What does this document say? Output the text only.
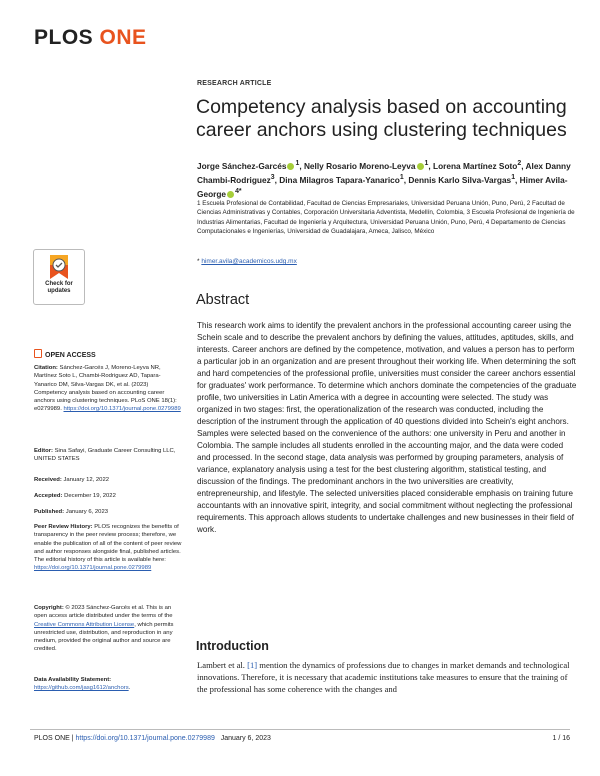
PLOS ONE
RESEARCH ARTICLE
Competency analysis based on accounting career anchors using clustering techniques
Jorge Sánchez-Garcés $^1$, Nelly Rosario Moreno-Leyva $^1$, Lorena Martínez Soto$^2$, Alex Danny Chambi-Rodriguez$^3$, Dina Milagros Tapara-Yanarico$^1$, Dennis Karlo Silva-Vargas$^1$, Himer Avila-George $^{4*}$
1 Escuela Profesional de Contabilidad, Facultad de Ciencias Empresariales, Universidad Peruana Unión, Puno, Perú, 2 Facultad de Ciencias Administrativas y Contables, Corporación Universitaria Adventista, Medellín, Colombia, 3 Escuela Profesional de Ingeniería de Industrias Alimentarias, Facultad de Ingeniería y Arquitectura, Universidad Peruana Unión, Puno, Perú, 4 Departamento de Ciencias Computacionales e Ingenierías, Universidad de Guadalajara, Ameca, Jalisco, México
* himer.avila@academicos.udg.mx
Abstract
This research work aims to identify the prevalent anchors in the professional accounting career using the Schein scale and to describe the prevalent anchors by defining the values, attitudes, aptitudes, skills, and interests. Career anchors are defined by the competence, motivation, and values a person has to perform a particular job in an organization and are present throughout their working life. When determining the soft and hard competencies of the professional profile, universities must consider the career anchors essential for graduates' work performance. To determine which anchors dominate the competencies of the graduate profile, two universities in Latin America with a degree in accounting were selected. The study was organized in two stages: first, the operationalization of the research was conducted, including the description of the instrument through the application of 40 questions divided into Schein's eight anchors. Samples were selected based on the convenience of the authors: one university in Peru and another in Colombia. The sample includes all students enrolled in the accounting major, and the data were coded and processed. In the second stage, data analysis was performed by grouping parameters, analysis of variance, explanatory analysis using a test for the best clustering algorithm, statistical testing, and discussion of the findings. The predominant anchors in the two universities are creativity, entrepreneurship, and lifestyle. The selected universities placed considerable emphasis on training future accountants with an innovative spirit, integrity, and social commitment without neglecting the professional requirements. This approach allows students to undertake challenges and new businesses in their field of work.
Introduction
Lambert et al. [1] mention the dynamics of professions due to changes in market demands and technological innovations. Therefore, it is necessary that academic institutions take measures to ensure that the training of the professional has some coherence with the changes and
Check for updates
OPEN ACCESS
Citation: Sánchez-Garcés J, Moreno-Leyva NR, Martínez Soto L, Chambi-Rodriguez AD, Tapara-Yanarico DM, Silva-Vargas DK, et al. (2023) Competency analysis based on accounting career anchors using clustering techniques. PLoS ONE 18(1): e0279989. https://doi.org/10.1371/journal.pone.0279989
Editor: Sina Safayi, Graduate Career Consulting LLC, UNITED STATES
Received: January 12, 2022
Accepted: December 19, 2022
Published: January 6, 2023
Peer Review History: PLOS recognizes the benefits of transparency in the peer review process; therefore, we enable the publication of all of the content of peer review and author responses alongside final, published articles. The editorial history of this article is available here: https://doi.org/10.1371/journal.pone.0279989
Copyright: © 2023 Sánchez-Garcés et al. This is an open access article distributed under the terms of the Creative Commons Attribution License, which permits unrestricted use, distribution, and reproduction in any medium, provided the original author and source are credited.
Data Availability Statement: https://github.com/jasg1612/anchors.
PLOS ONE | https://doi.org/10.1371/journal.pone.0279989 January 6, 2023	1 / 16
